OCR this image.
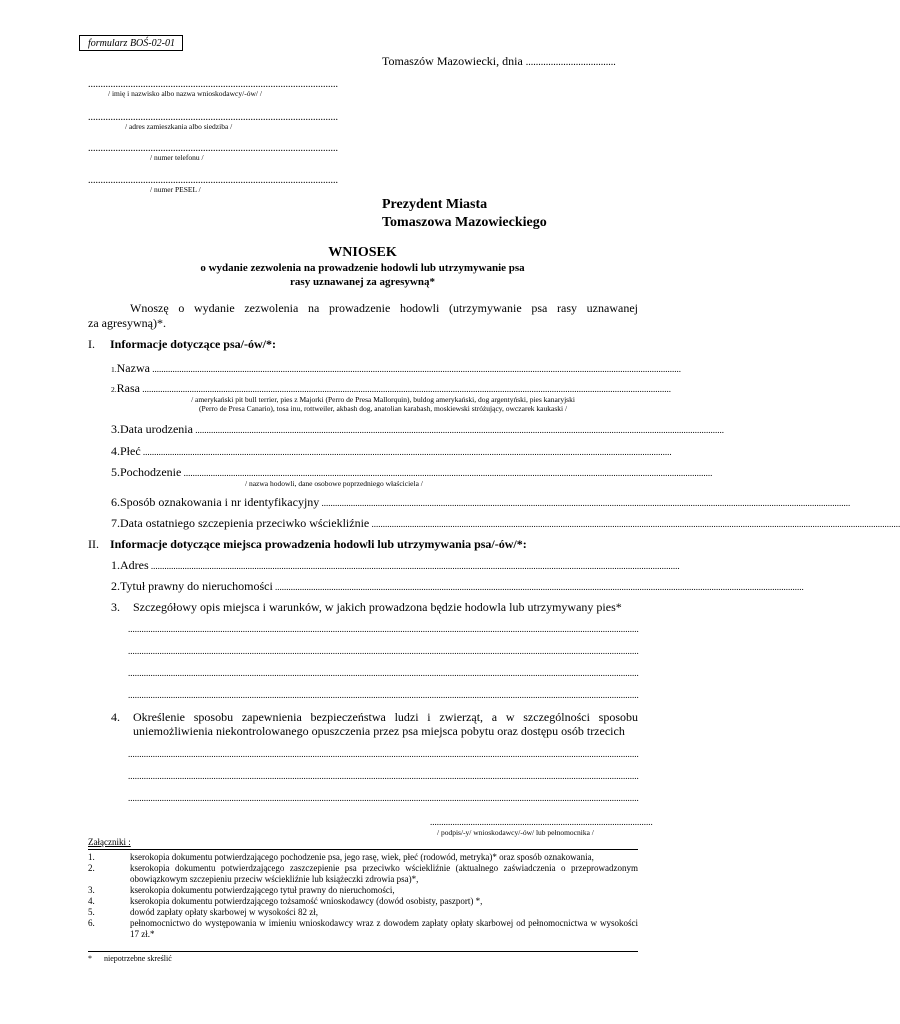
formularz BOŚ-02-01
Tomaszów Mazowiecki, dnia ....................................
....................................................................................................
/ imię i nazwisko albo nazwa wnioskodawcy/-ów/ /
....................................................................................................
/ adres zamieszkania albo siedziba /
....................................................................................................
/ numer telefonu /
....................................................................................................
/ numer PESEL /
Prezydent Miasta
Tomaszowa Mazowieckiego
WNIOSEK
o wydanie zezwolenia na prowadzenie hodowli lub utrzymywanie psa
rasy uznawanej za agresywną*
Wnoszę o wydanie zezwolenia na prowadzenie hodowli (utrzymywanie psa rasy uznawanej
za agresywną)*.
I. Informacje dotyczące psa/-ów/*:
1. Nazwa ...........................................................................................................................................................................................................................................
2. Rasa ...........................................................................................................................................................................................................................................
/ amerykański pit bull terrier, pies z Majorki (Perro de Presa Mallorquin), buldog amerykański, dog argentyński, pies kanaryjski
(Perro de Presa Canario), tosa inu, rottweiler, akbash dog, anatolian karabash, moskiewski stróżujący, owczarek kaukaski /
3. Data urodzenia ...........................................................................................................................................................................................................................................
4. Płeć ...........................................................................................................................................................................................................................................
5. Pochodzenie ...........................................................................................................................................................................................................................................
/ nazwa hodowli, dane osobowe poprzedniego właściciela /
6. Sposób oznakowania i nr identyfikacyjny ...........................................................................................................................................................................................................................................
7. Data ostatniego szczepienia przeciwko wściekliźnie ...........................................................................................................................................................................................................................................
II. Informacje dotyczące miejsca prowadzenia hodowli lub utrzymywania psa/-ów/*:
1. Adres ...........................................................................................................................................................................................................................................
2. Tytuł prawny do nieruchomości ...........................................................................................................................................................................................................................................
3.	Szczegółowy opis miejsca i warunków, w jakich prowadzona będzie hodowla lub utrzymywany pies*
...................................................................................................................................................................................................................................
...................................................................................................................................................................................................................................
...................................................................................................................................................................................................................................
...................................................................................................................................................................................................................................
4. Określenie sposobu zapewnienia bezpieczeństwa ludzi i zwierząt, a w szczególności sposobu
uniemożliwienia niekontrolowanego opuszczenia przez psa miejsca pobytu oraz dostępu osób trzecich
...................................................................................................................................................................................................................................
...................................................................................................................................................................................................................................
...................................................................................................................................................................................................................................
...................................................................................................
/ podpis/-y/ wnioskodawcy/-ów/ lub pełnomocnika /
Załączniki :
1.	kserokopia dokumentu potwierdzającego pochodzenie psa, jego rasę, wiek, płeć (rodowód, metryka)* oraz sposób oznakowania,
2.	kserokopia dokumentu potwierdzającego zaszczepienie psa przeciwko wściekliźnie (aktualnego zaświadczenia o przeprowadzonym obowiązkowym szczepieniu przeciw wściekliźnie lub książeczki zdrowia psa)*,
3.	kserokopia dokumentu potwierdzającego tytuł prawny do nieruchomości,
4.	kserokopia dokumentu potwierdzającego tożsamość wnioskodawcy (dowód osobisty, paszport) *,
5.	dowód zapłaty opłaty skarbowej w wysokości 82 zł,
6.	pełnomocnictwo do występowania w imieniu wnioskodawcy wraz z dowodem zapłaty opłaty skarbowej od pełnomocnictwa w wysokości 17 zł.*
* niepotrzebne skreślić
